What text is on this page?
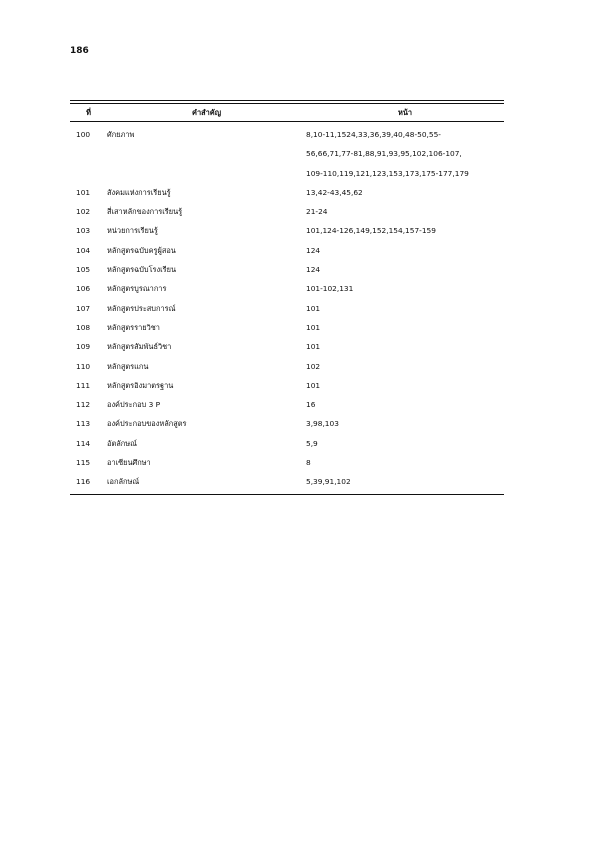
186
ที่	คำสำคัญ	หน้า
100	ศักยภาพ	8,10-11,1524,33,36,39,40,48-50,55-
56,66,71,77-81,88,91,93,95,102,106-107,
109-110,119,121,123,153,173,175-177,179
101	สังคมแห่งการเรียนรู้	13,42-43,45,62
102	สี่เสาหลักของการเรียนรู้	21-24
103	หน่วยการเรียนรู้	101,124-126,149,152,154,157-159
104	หลักสูตรฉบับครูผู้สอน	124
105	หลักสูตรฉบับโรงเรียน	124
106	หลักสูตรบูรณาการ	101-102,131
107	หลักสูตรประสบการณ์	101
108	หลักสูตรรายวิชา	101
109	หลักสูตรสัมพันธ์วิชา	101
110	หลักสูตรแกน	102
111	หลักสูตรอิงมาตรฐาน	101
112	องค์ประกอบ 3 P	16
113	องค์ประกอบของหลักสูตร	3,98,103
114	อัตลักษณ์	5,9
115	อาเซียนศึกษา	8
116	เอกลักษณ์	5,39,91,102
